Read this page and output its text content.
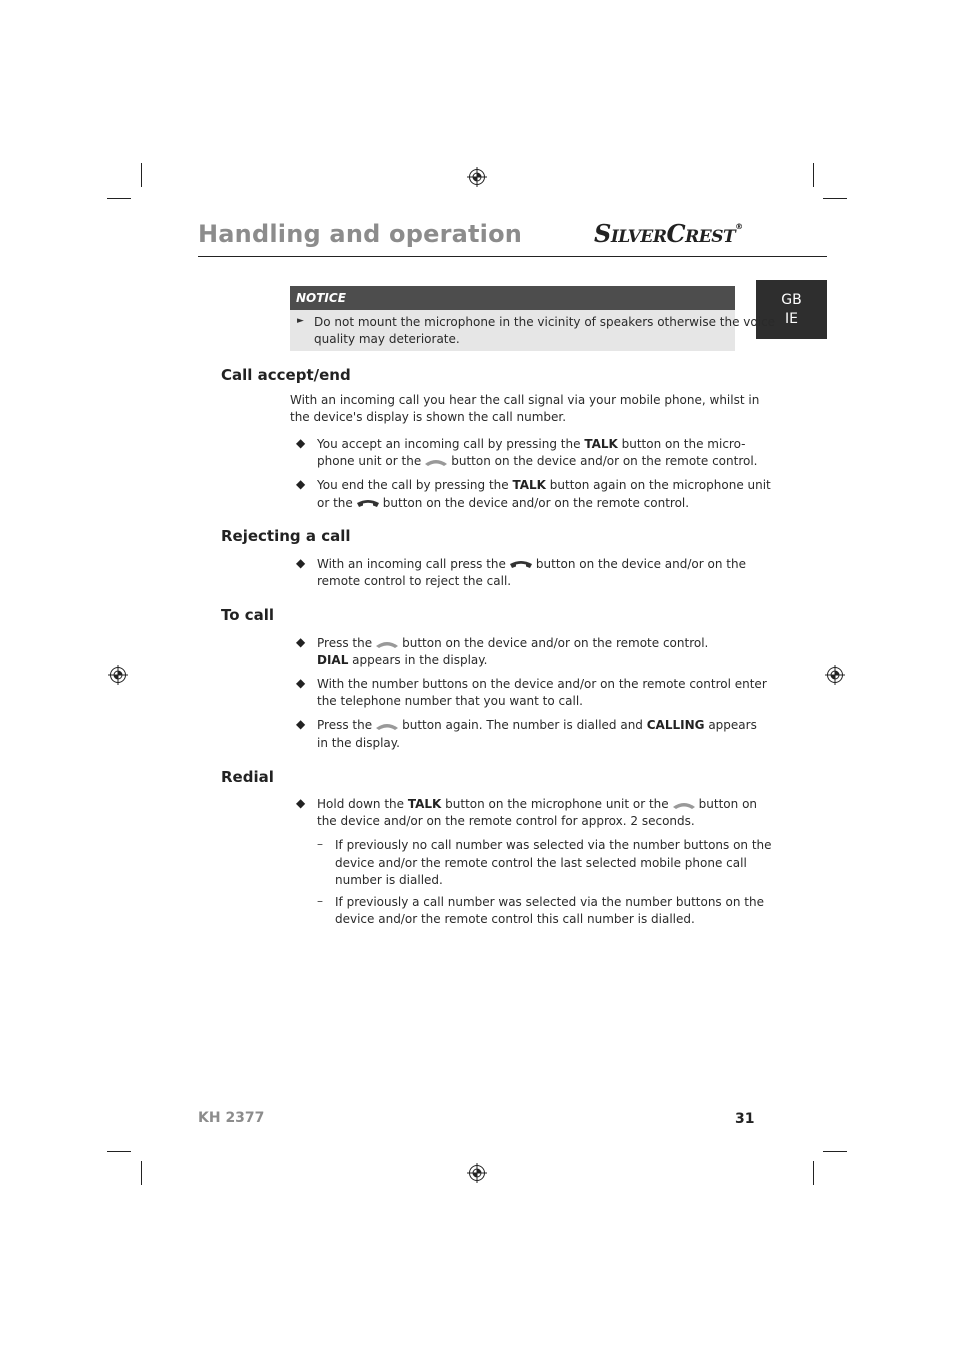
Handling and operation	SILVERCREST®
GB
IE
NOTICE
► Do not mount the microphone in the vicinity of speakers otherwise the voice
quality may deteriorate.
Call accept/end
With an incoming call you hear the call signal via your mobile phone, whilst in
the device's display is shown the call number.
◆ You accept an incoming call by pressing the TALK button on the micro-
phone unit or the	button on the device and/or on the remote control.
◆ You end the call by pressing the TALK button again on the microphone unit
or the	button on the device and/or on the remote control.
Rejecting a call
◆ With an incoming call press the	button on the device and/or on the
remote control to reject the call.
To call
◆ Press the	button on the device and/or on the remote control.
DIAL appears in the display.
◆ With the number buttons on the device and/or on the remote control enter
the telephone number that you want to call.
◆ Press the	button again. The number is dialled and CALLING appears
in the display.
Redial
◆ Hold down the TALK button on the microphone unit or the	button on
the device and/or on the remote control for approx. 2 seconds.
– If previously no call number was selected via the number buttons on the
device and/or the remote control the last selected mobile phone call
number is dialled.
– If previously a call number was selected via the number buttons on the
device and/or the remote control this call number is dialled.
KH 2377	31
